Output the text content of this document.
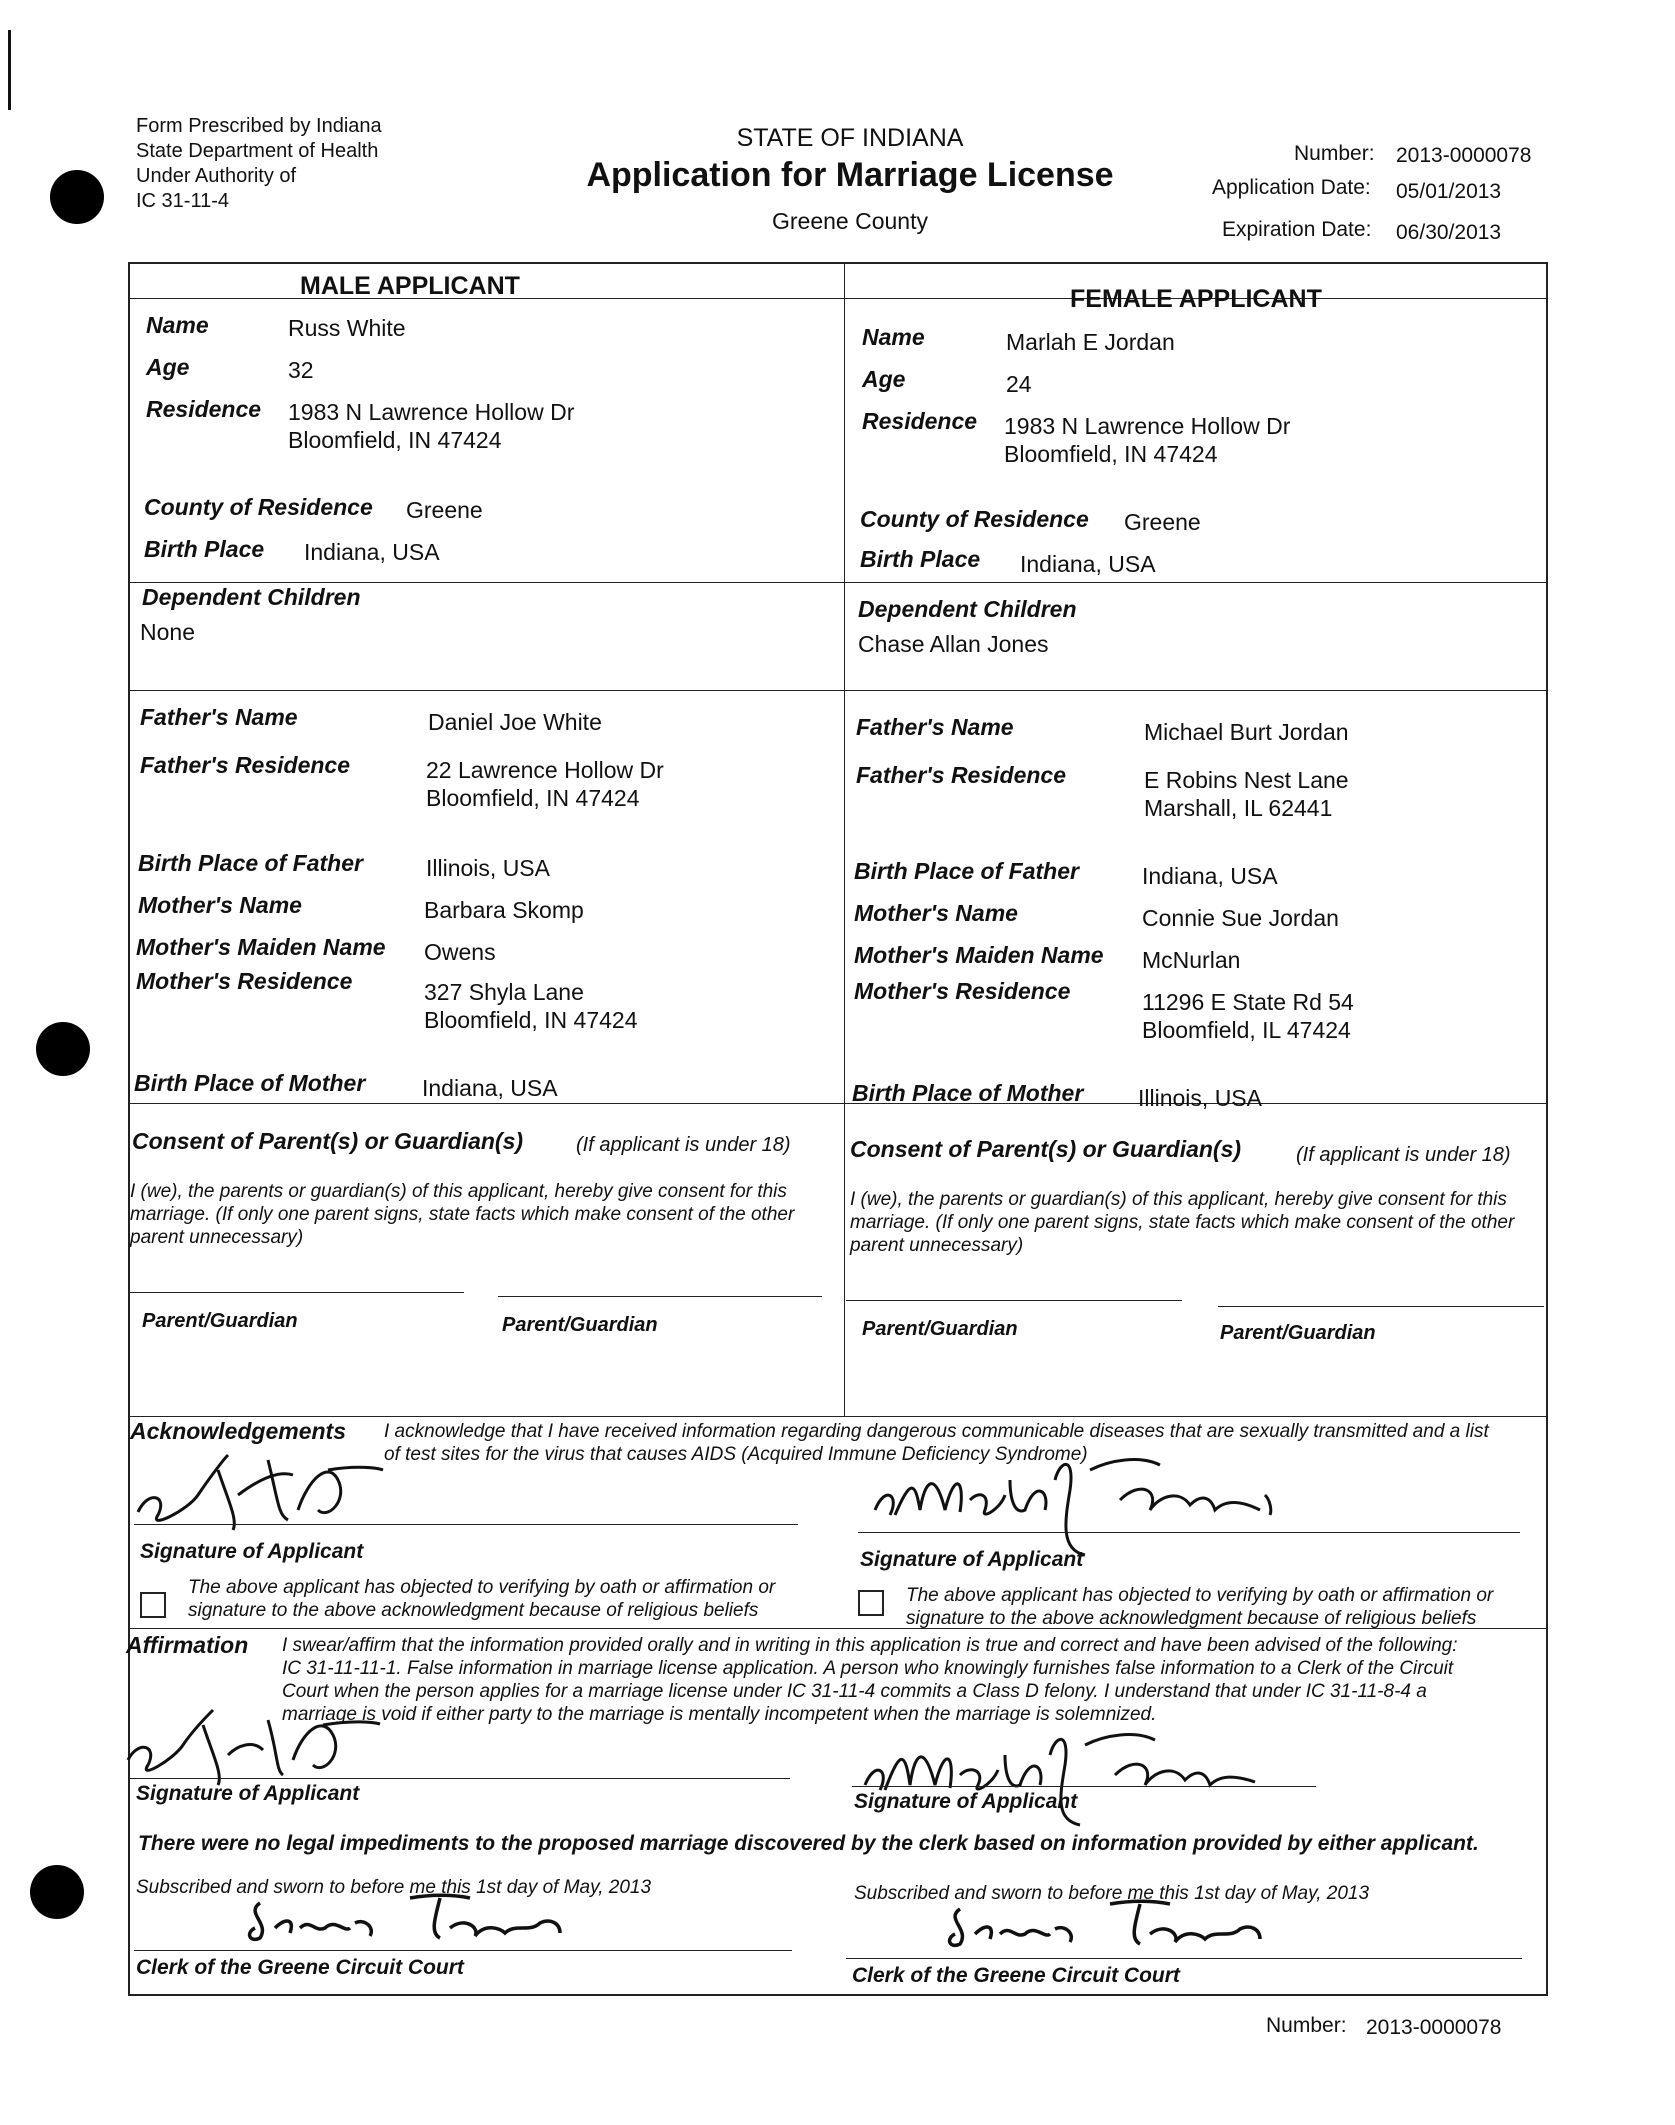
Form Prescribed by Indiana
State Department of Health
Under Authority of
IC 31-11-4
STATE OF INDIANA
Application for Marriage License
Greene County
Number: 2013-0000078
Application Date: 05/01/2013
Expiration Date: 06/30/2013
MALE APPLICANT	FEMALE APPLICANT
Name	Russ White
Age	32
Residence 1983 N Lawrence Hollow Dr
Bloomfield, IN 47424
County of Residence Greene
Birth Place Indiana, USA
Dependent Children
None
Father's Name	Daniel Joe White
Father's Residence	22 Lawrence Hollow Dr
Bloomfield, IN 47424
Birth Place of Father	Illinois, USA
Mother's Name	Barbara Skomp
Mother's Maiden Name Owens
Mother's Residence	327 Shyla Lane
Bloomfield, IN 47424
Birth Place of Mother Indiana, USA
Name	Marlah E Jordan
Age	24
Residence 1983 N Lawrence Hollow Dr
Bloomfield, IN 47424
County of Residence Greene
Birth Place Indiana, USA
Dependent Children
Chase Allan Jones
Father's Name	Michael Burt Jordan
Father's Residence	E Robins Nest Lane
Marshall, IL 62441
Birth Place of Father	Indiana, USA
Mother's Name	Connie Sue Jordan
Mother's Maiden Name McNurlan
Mother's Residence	11296 E State Rd 54
Bloomfield, IL 47424
Birth Place of Mother Illinois, USA
Consent of Parent(s) or Guardian(s)	(If applicant is under 18)
I (we), the parents or guardian(s) of this applicant, hereby give consent for this marriage. (If only one parent signs, state facts which make consent of the other parent unnecessary)
Parent/Guardian	Parent/Guardian
Consent of Parent(s) or Guardian(s)	(If applicant is under 18)
I (we), the parents or guardian(s) of this applicant, hereby give consent for this marriage. (If only one parent signs, state facts which make consent of the other parent unnecessary)
Parent/Guardian	Parent/Guardian
Acknowledgements I acknowledge that I have received information regarding dangerous communicable diseases that are sexually transmitted and a list
of test sites for the virus that causes AIDS (Acquired Immune Deficiency Syndrome)
Signature of Applicant	Signature of Applicant
The above applicant has objected to verifying by oath or affirmation or signature to the above acknowledgment because of religious beliefs
The above applicant has objected to verifying by oath or affirmation or signature to the above acknowledgment because of religious beliefs
Affirmation I swear/affirm that the information provided orally and in writing in this application is true and correct and have been advised of the following:
IC 31-11-11-1. False information in marriage license application. A person who knowingly furnishes false information to a Clerk of the Circuit
Court when the person applies for a marriage license under IC 31-11-4 commits a Class D felony. I understand that under IC 31-11-8-4 a
marriage is void if either party to the marriage is mentally incompetent when the marriage is solemnized.
Signature of Applicant	Signature of Applicant
There were no legal impediments to the proposed marriage discovered by the clerk based on information provided by either applicant.
Subscribed and sworn to before me this 1st day of May, 2013
Clerk of the Greene Circuit Court
Subscribed and sworn to before me this 1st day of May, 2013
Clerk of the Greene Circuit Court
Number: 2013-0000078
